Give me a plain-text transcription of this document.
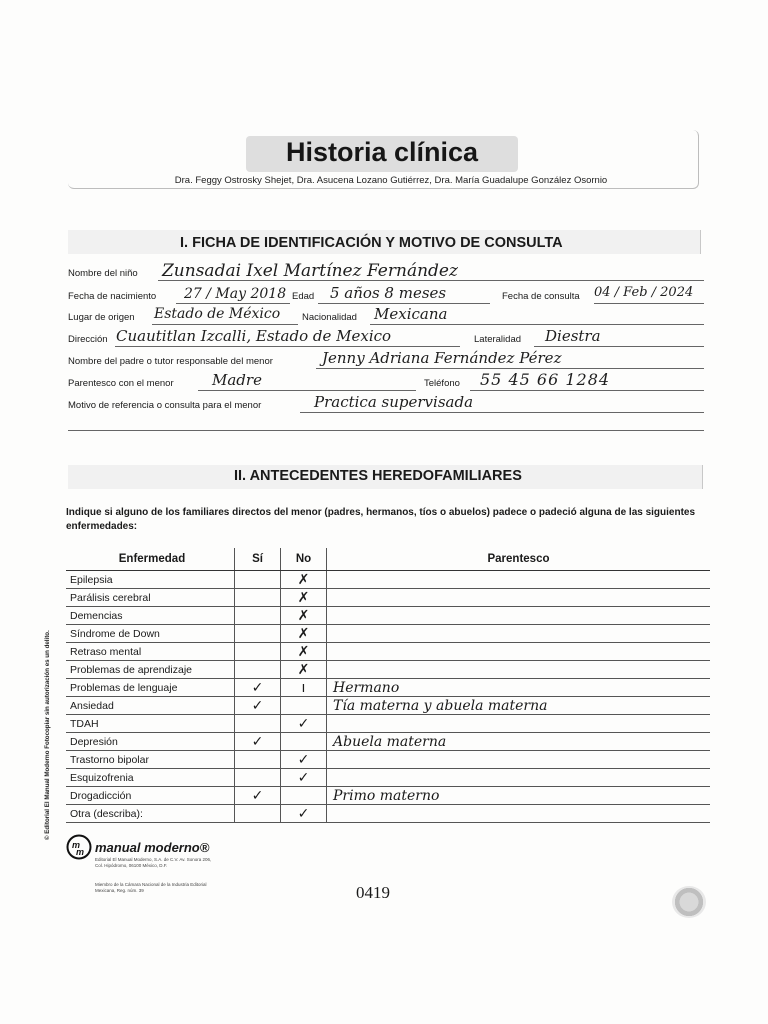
Historia clínica
Dra. Feggy Ostrosky Shejet, Dra. Asucena Lozano Gutiérrez, Dra. María Guadalupe González Osornio
I. FICHA DE IDENTIFICACIÓN Y MOTIVO DE CONSULTA
Nombre del niño Zunsadai Ixel Martínez Fernández
Fecha de nacimiento 27 / May 2018 Edad 5 años 8 meses	Fecha de consulta 04 / Feb / 2024
Lugar de origen Estado de México Nacionalidad Mexicana
Dirección Cuautitlan Izcalli, Estado de Mexico	Lateralidad Diestra
Nombre del padre o tutor responsable del menor	Jenny Adriana Fernández Pérez
Parentesco con el menor	Madre	Teléfono 55 45 66 1284
Motivo de referencia o consulta para el menor	Practica supervisada
II. ANTECEDENTES HEREDOFAMILIARES
Indique si alguno de los familiares directos del menor (padres, hermanos, tíos o abuelos) padece o padeció alguna de las siguientes enfermedades:
Enfermedad	Sí	No	Parentesco
Epilepsia		✗	
Parálisis cerebral		✗	
Demencias		✗	
Síndrome de Down		✗	
Retraso mental		✗	
Problemas de aprendizaje		✗	
Problemas de lenguaje	✓	ı	Hermano
Ansiedad	✓		Tía materna y abuela materna
TDAH		✓	
Depresión	✓		Abuela materna
Trastorno bipolar		✓	
Esquizofrenia		✓	
Drogadicción	✓		Primo materno
Otra (describa):		✓	
© Editorial El Manual Moderno Fotocopiar sin autorización es un delito.
m
m manual moderno®
Editorial El Manual Moderno, S.A. de C.V. Av. Sonora 206, Col. Hipódromo, 06100 México, D.F.
Miembro de la Cámara Nacional de la Industria Editorial Mexicana, Reg. núm. 39	0419
